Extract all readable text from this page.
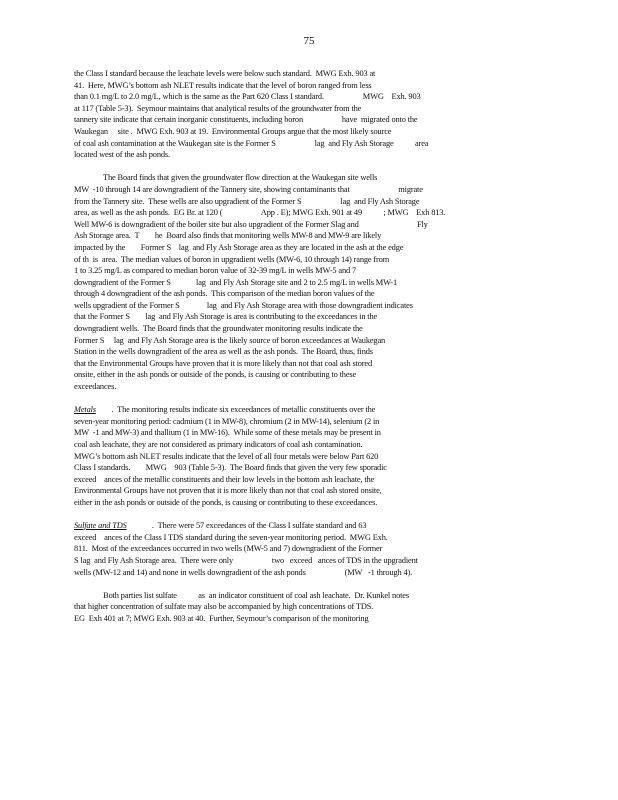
75
the Class I standard because the leachate levels were below such standard.  MWG Exh. 903 at
41.  Here, MWG’s bottom ash NLET results indicate that the level of boron ranged from less
than 0.1 mg/L to 2.0 mg/L, which is the same as the Part 620 Class I standard.                    MWG    Exh. 903
at 117 (Table 5-3).  Seymour maintains that analytical results of the groundwater from the
tannery site indicate that certain inorganic constituents, including boron                    have  migrated onto the
Waukegan     site .  MWG Exh. 903 at 19.  Environmental Groups argue that the most likely source
of coal ash contamination at the Waukegan site is the Former S                    lag  and Fly Ash Storage           area
located west of the ash ponds.
The Board finds that given the groundwater flow direction at the Waukegan site wells
MW  -10 through 14 are downgradient of the Tannery site, showing contaminants that                         migrate
from the Tannery site.  These wells are also upgradient of the Former S                    lag  and Fly Ash Storage
area, as well as the ash ponds.  EG Br. at 120 (                    App . E); MWG Exh. 901 at 49           ; MWG    Exh 813.
Well MW-6 is downgradient of the boiler site but also upgradient of the Former Slag and                              Fly
Ash Storage area.  T        he  Board also finds that monitoring wells MW-8 and MW-9 are likely
impacted by the        Former S    lag  and Fly Ash Storage area as they are located in the ash at the edge
of th  is  area.  The median values of boron in upgradient wells (MW-6, 10 through 14) range from
1 to 3.25 mg/L as compared to median boron value of 32-39 mg/L in wells MW-5 and 7
downgradient of the Former S             lag  and Fly Ash Storage site and 2 to 2.5 mg/L in wells MW-1
through 4 downgradient of the ash ponds.  This comparison of the median boron values of the
wells upgradient of the Former S              lag  and Fly Ash Storage area with those downgradient indicates
that the Former S        lag  and Fly Ash Storage is area is contributing to the exceedances in the
downgradient wells.  The Board finds that the groundwater monitoring results indicate the
Former S     lag  and Fly Ash Storage area is the likely source of boron exceedances at Waukegan
Station in the wells downgradient of the area as well as the ash ponds.  The Board, thus, finds
that the Environmental Groups have proven that it is more likely than not that coal ash stored
onsite, either in the ash ponds or outside of the ponds, is causing or contributing to these
exceedances.
Metals        .  The monitoring results indicate six exceedances of metallic constituents over the
seven-year monitoring period: cadmium (1 in MW-8), chromium (2 in MW-14), selenium (2 in
MW  -1 and MW-3) and thallium (1 in MW-16).  While some of these metals may be present in
coal ash leachate, they are not considered as primary indicators of coal ash contamination.
MWG’s bottom ash NLET results indicate that the level of all four metals were below Part 620
Class I standards.        MWG    903 (Table 5-3).  The Board finds that given the very few sporadic
exceed    ances of the metallic constituents and their low levels in the bottom ash leachate, the
Environmental Groups have not proven that it is more likely than not that coal ash stored onsite,
either in the ash ponds or outside of the ponds, is causing or contributing to these exceedances.
Sulfate and TDS             .  There were 57 exceedances of the Class I sulfate standard and 63
exceed    ances of the Class I TDS standard during the seven-year monitoring period.  MWG Exh.
811.  Most of the exceedances occurred in two wells (MW-5 and 7) downgradient of the Former
S lag  and Fly Ash Storage area.  There were only                    two   exceed   ances of TDS in the upgradient
wells (MW-12 and 14) and none in wells downgradient of the ash ponds                    (MW   -1 through 4).
Both parties list sulfate           as  an indicator constituent of coal ash leachate.  Dr. Kunkel notes
that higher concentration of sulfate may also be accompanied by high concentrations of TDS.
EG  Exh 401 at 7; MWG Exh. 903 at 40.  Further, Seymour’s comparison of the monitoring
